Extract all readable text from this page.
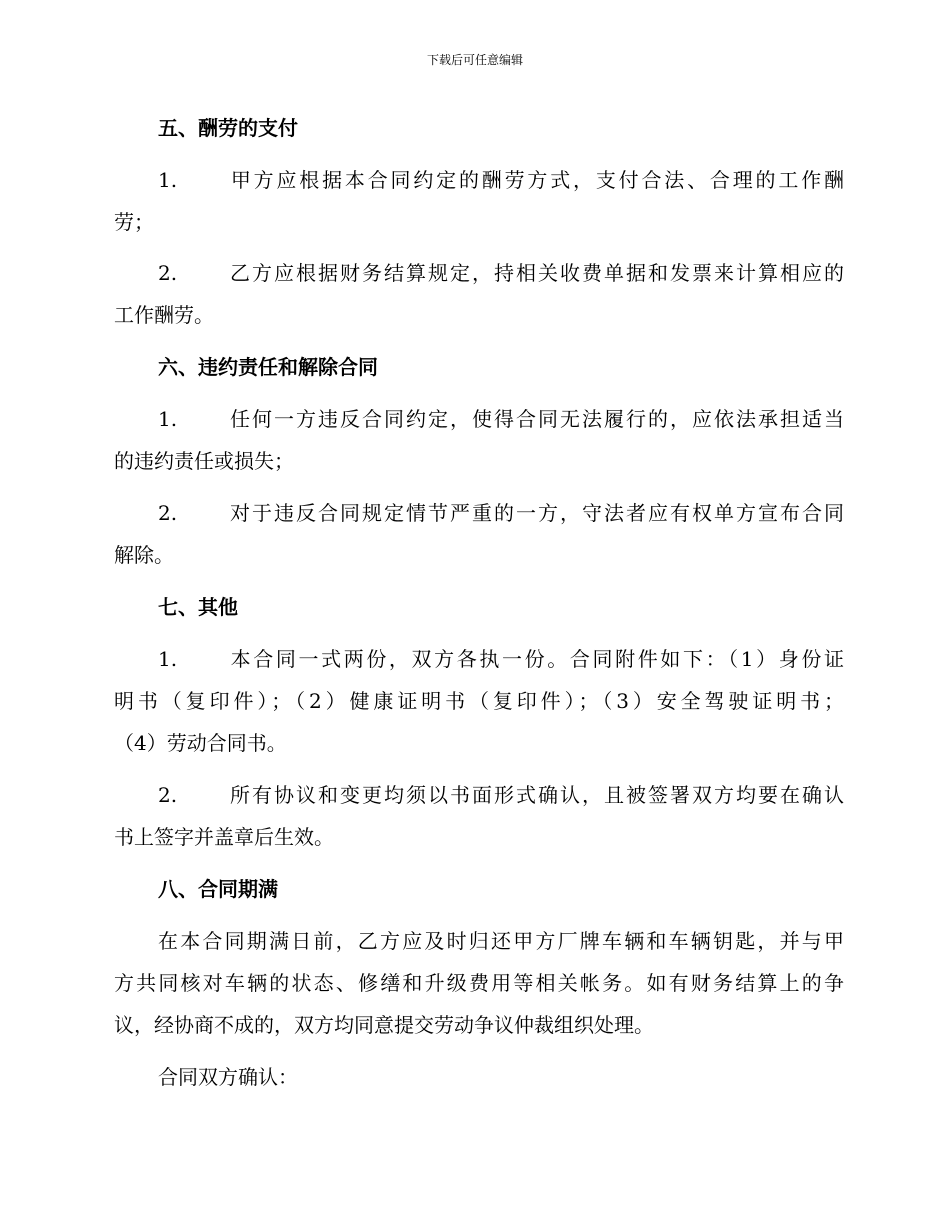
下载后可任意编辑
五、酬劳的支付
1.	甲方应根据本合同约定的酬劳方式，支付合法、合理的工作酬
劳；
2.	乙方应根据财务结算规定，持相关收费单据和发票来计算相应的
工作酬劳。
六、违约责任和解除合同
1.	任何一方违反合同约定，使得合同无法履行的，应依法承担适当
的违约责任或损失；
2.	对于违反合同规定情节严重的一方，守法者应有权单方宣布合同
解除。
七、其他
1.	本合同一式两份，双方各执一份。合同附件如下：（1）身份证
明书（复印件）；（2）健康证明书（复印件）；（3）安全驾驶证明书；
（4）劳动合同书。
2.	所有协议和变更均须以书面形式确认，且被签署双方均要在确认
书上签字并盖章后生效。
八、合同期满
在本合同期满日前，乙方应及时归还甲方厂牌车辆和车辆钥匙，并与甲
方共同核对车辆的状态、修缮和升级费用等相关帐务。如有财务结算上的争
议，经协商不成的，双方均同意提交劳动争议仲裁组织处理。
合同双方确认：
